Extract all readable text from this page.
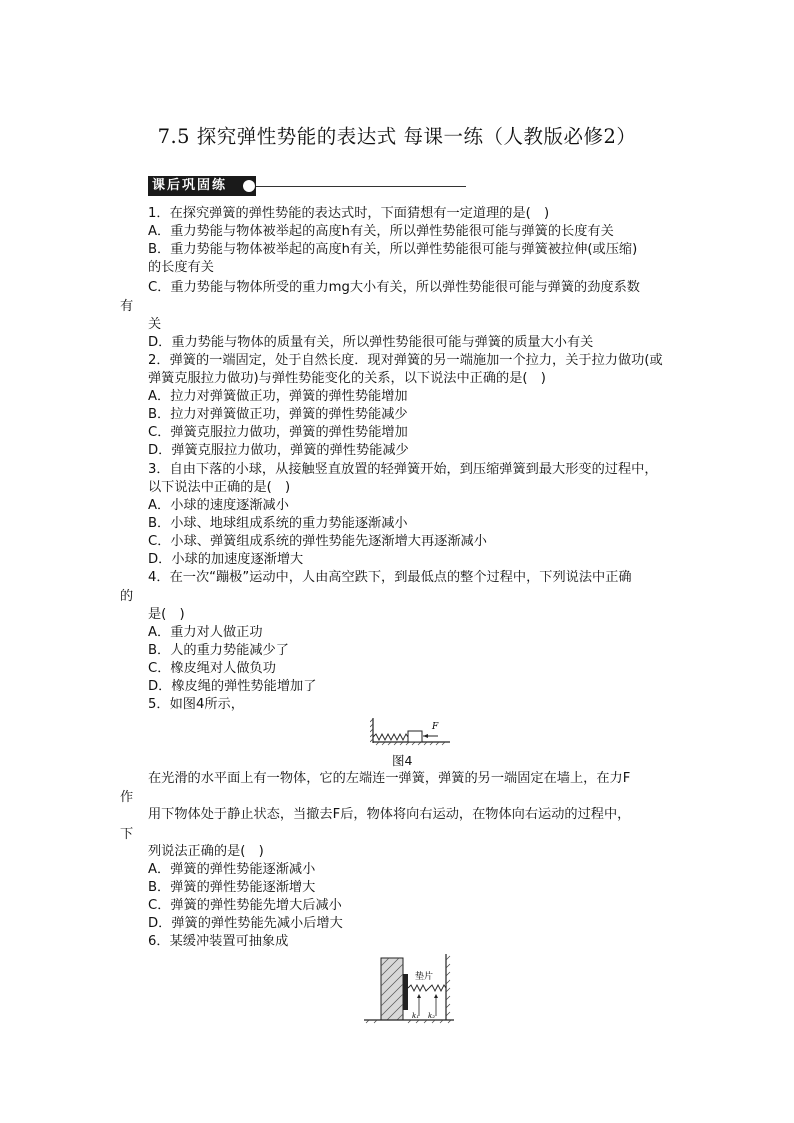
7.5 探究弹性势能的表达式 每课一练（人教版必修2）
课后巩固练
1．在探究弹簧的弹性势能的表达式时，下面猜想有一定道理的是(　)
A．重力势能与物体被举起的高度h有关，所以弹性势能很可能与弹簧的长度有关
B．重力势能与物体被举起的高度h有关，所以弹性势能很可能与弹簧被拉伸(或压缩)
的长度有关
C．重力势能与物体所受的重力mg大小有关，所以弹性势能很可能与弹簧的劲度系数
有
关
D．重力势能与物体的质量有关，所以弹性势能很可能与弹簧的质量大小有关
2．弹簧的一端固定，处于自然长度．现对弹簧的另一端施加一个拉力，关于拉力做功(或
弹簧克服拉力做功)与弹性势能变化的关系，以下说法中正确的是(　)
A．拉力对弹簧做正功，弹簧的弹性势能增加
B．拉力对弹簧做正功，弹簧的弹性势能减少
C．弹簧克服拉力做功，弹簧的弹性势能增加
D．弹簧克服拉力做功，弹簧的弹性势能减少
3．自由下落的小球，从接触竖直放置的轻弹簧开始，到压缩弹簧到最大形变的过程中，
以下说法中正确的是(　)
A．小球的速度逐渐减小
B．小球、地球组成系统的重力势能逐渐减小
C．小球、弹簧组成系统的弹性势能先逐渐增大再逐渐减小
D．小球的加速度逐渐增大
4．在一次“蹦极”运动中，人由高空跌下，到最低点的整个过程中，下列说法中正确
的
是(　)
A．重力对人做正功
B．人的重力势能减少了
C．橡皮绳对人做负功
D．橡皮绳的弹性势能增加了
5．如图4所示，
F
图4
在光滑的水平面上有一物体，它的左端连一弹簧，弹簧的另一端固定在墙上，在力F
作
用下物体处于静止状态，当撤去F后，物体将向右运动，在物体向右运动的过程中，
下
列说法正确的是(　)
A．弹簧的弹性势能逐渐减小
B．弹簧的弹性势能逐渐增大
C．弹簧的弹性势能先增大后减小
D．弹簧的弹性势能先减小后增大
6．某缓冲装置可抽象成
垫片
k₁ k₂
